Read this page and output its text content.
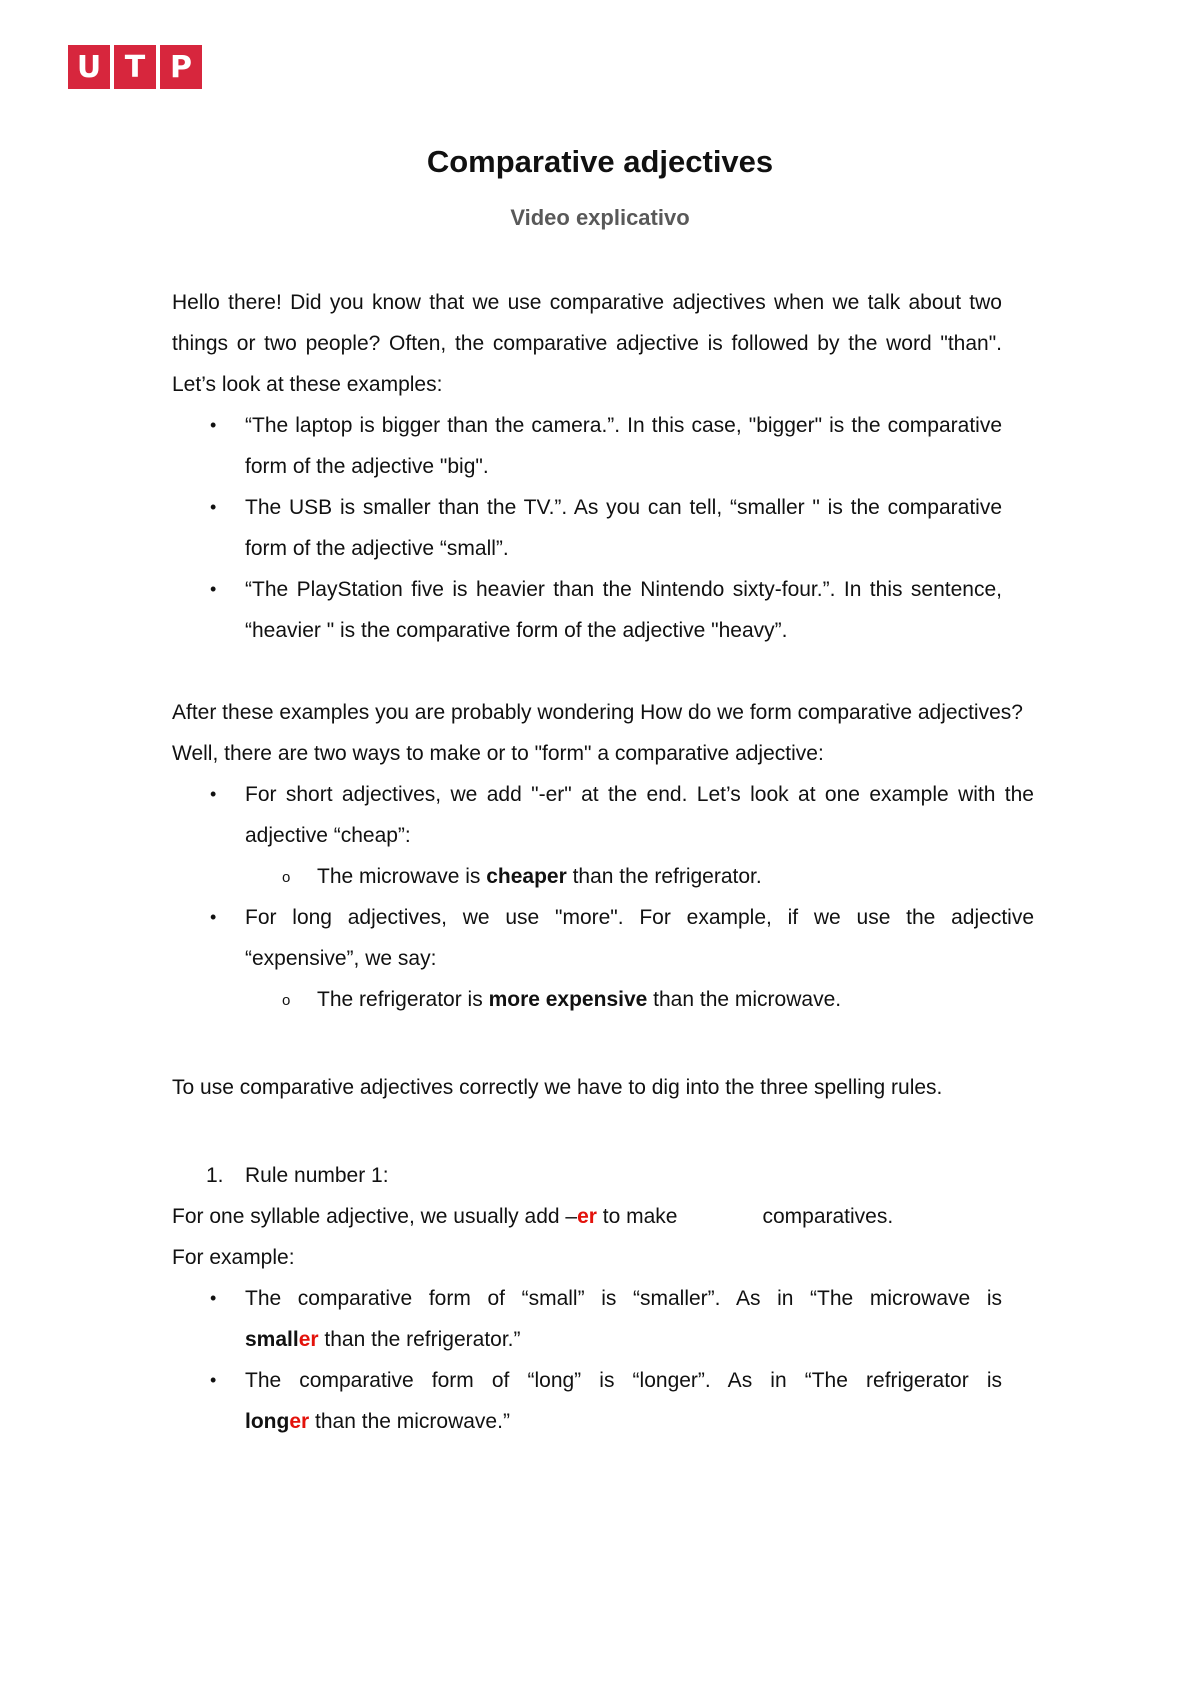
U T P
Comparative adjectives
Video explicativo

Hello there! Did you know that we use comparative adjectives when we talk about two things or two people? Often, the comparative adjective is followed by the word "than". Let’s look at these examples:

• “The laptop is bigger than the camera.”. In this case, "bigger" is the comparative form of the adjective "big".
• The USB is smaller than the TV.”. As you can tell, “smaller " is the comparative form of the adjective “small”.
• “The PlayStation five is heavier than the Nintendo sixty-four.”. In this sentence, “heavier " is the comparative form of the adjective "heavy”.

After these examples you are probably wondering How do we form comparative adjectives?

Well, there are two ways to make or to "form" a comparative adjective:

• For short adjectives, we add "-er" at the end. Let’s look at one example with the adjective “cheap”:
o The microwave is cheaper than the refrigerator.
• For long adjectives, we use "more". For example, if we use the adjective “expensive”, we say:
o The refrigerator is more expensive than the microwave.

To use comparative adjectives correctly we have to dig into the three spelling rules.

1. Rule number 1:

For one syllable adjective, we usually add –er to make	comparatives.

For example:

• The comparative form of “small” is “smaller”. As in “The microwave is
smaller than the refrigerator.”
• The comparative form of “long” is “longer”. As in “The refrigerator is
longer than the microwave.”
